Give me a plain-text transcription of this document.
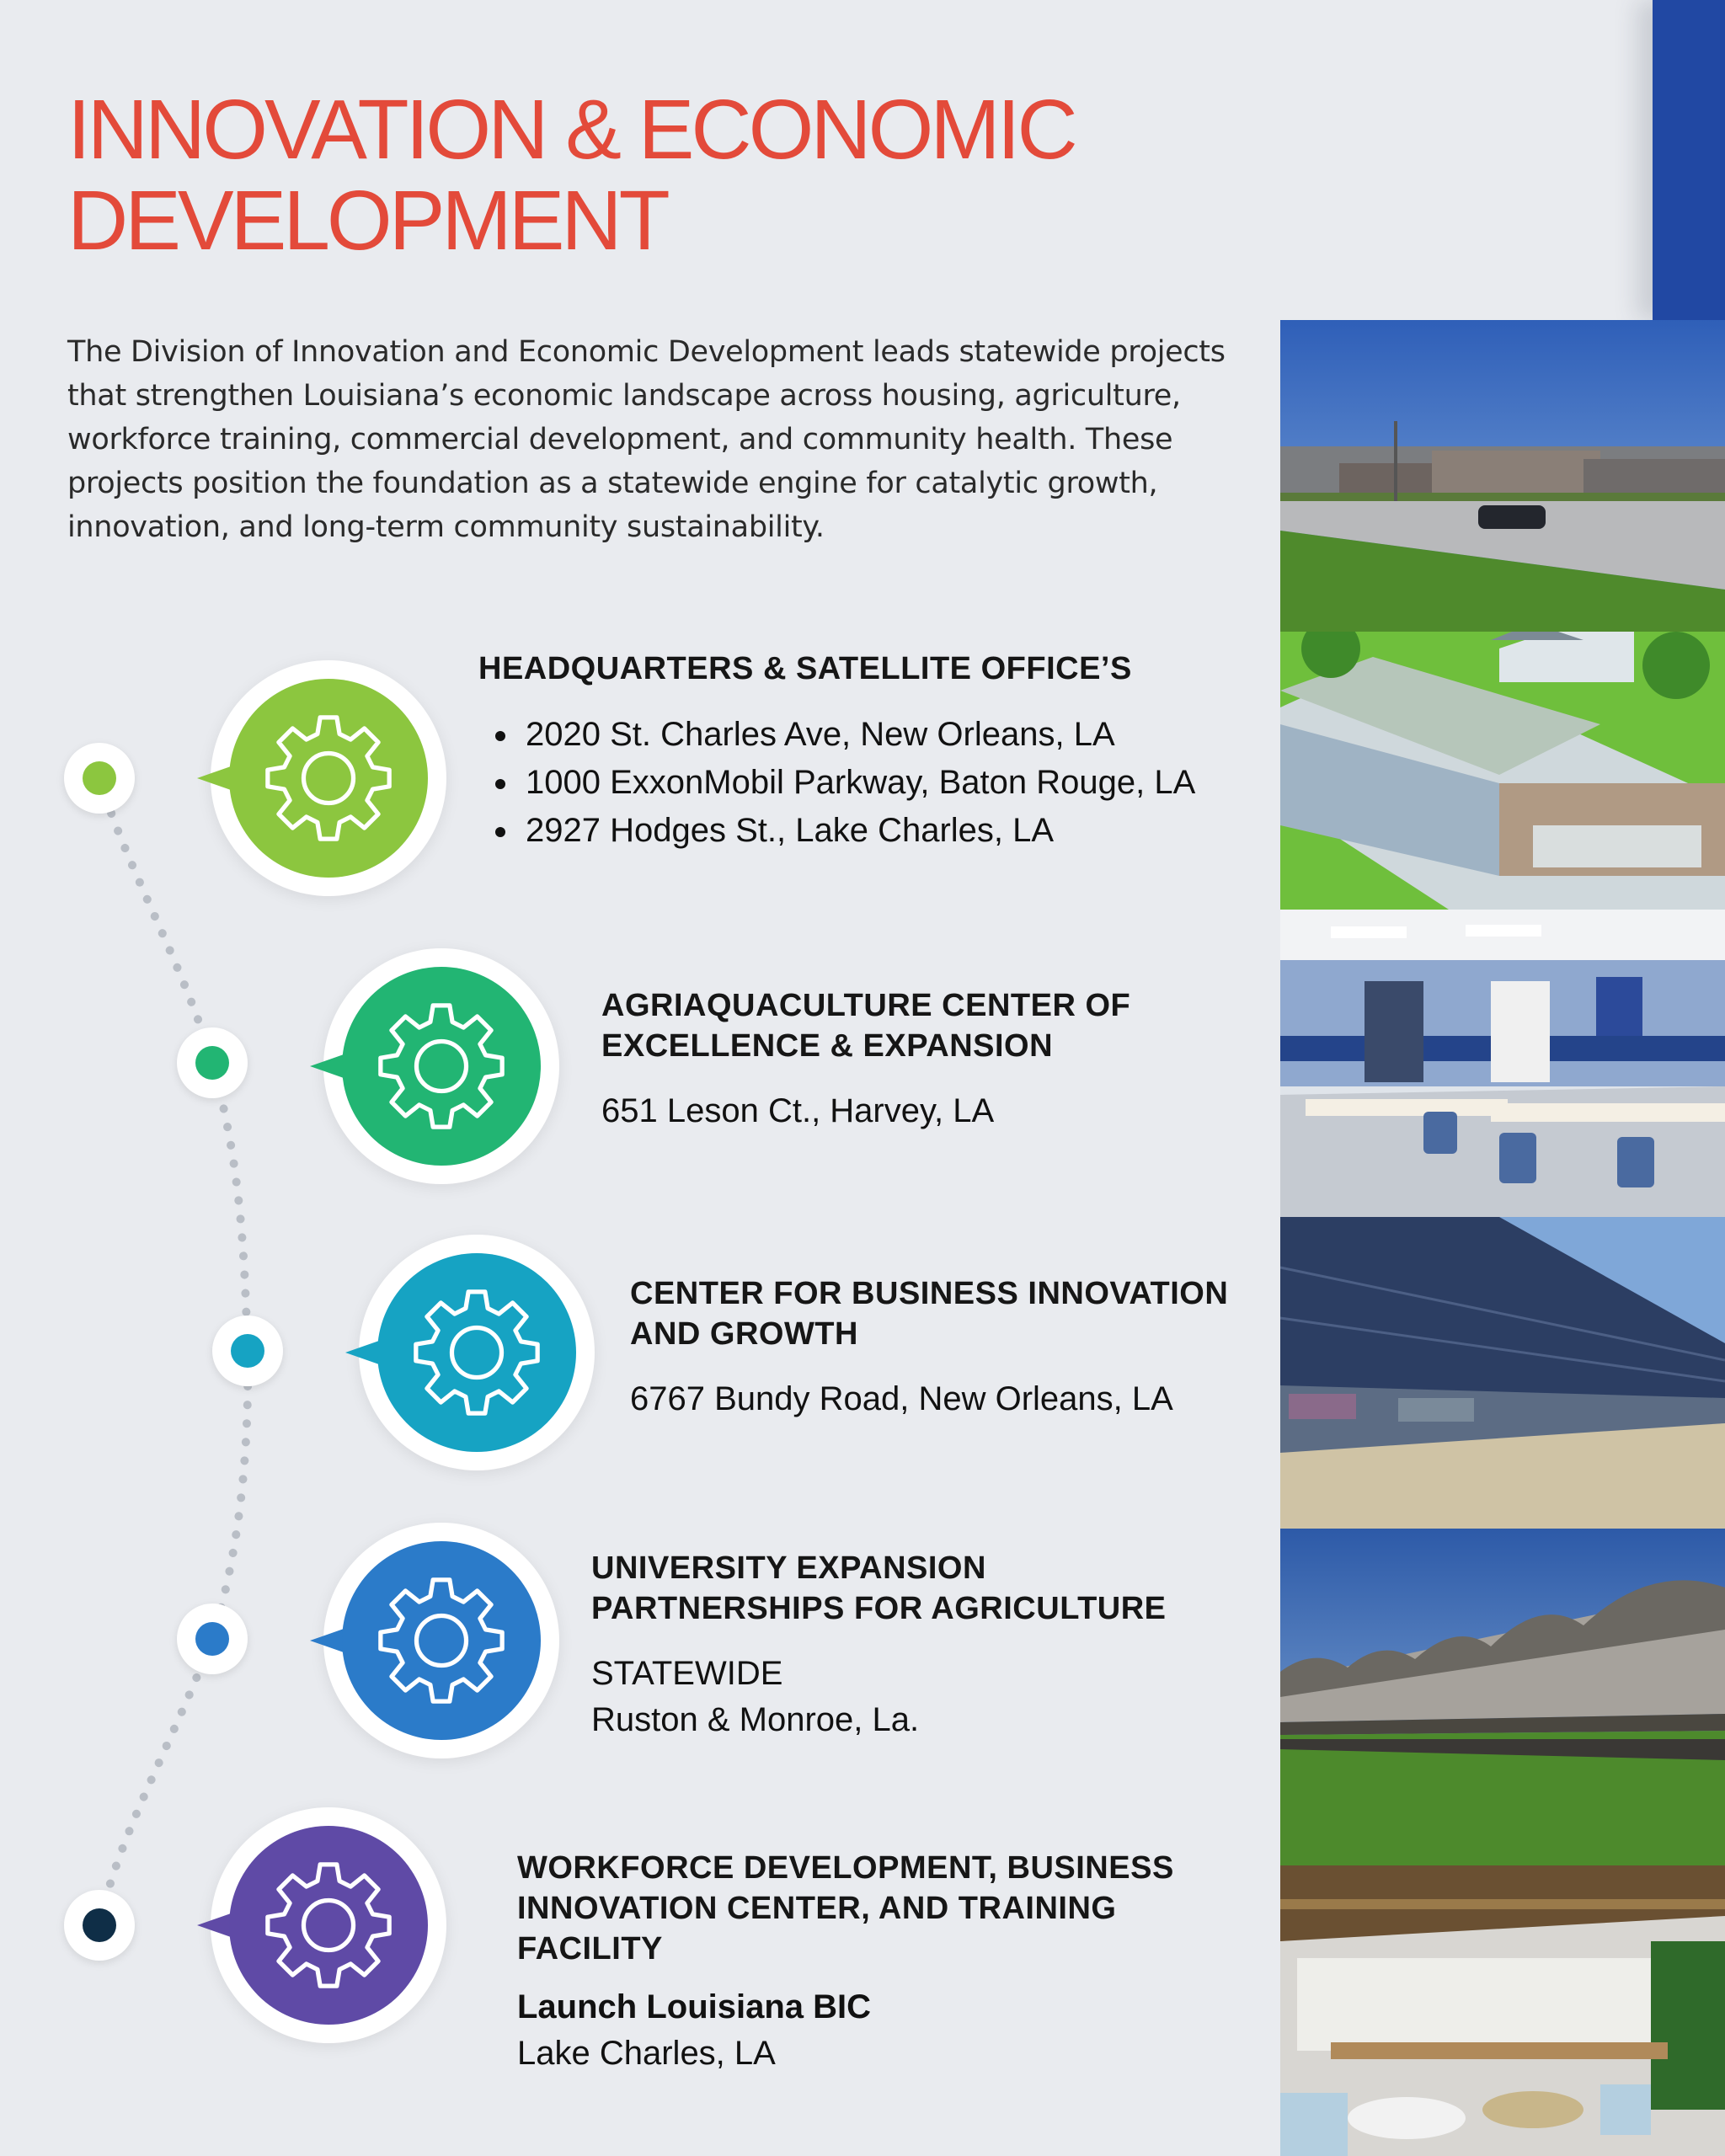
INNOVATION & ECONOMIC
DEVELOPMENT

The Division of Innovation and Economic Development leads statewide projects that strengthen Louisiana’s economic landscape across housing, agriculture, workforce training, commercial development, and community health. These projects position the foundation as a statewide engine for catalytic growth, innovation, and long-term community sustainability.

HEADQUARTERS & SATELLITE OFFICE’S
• 2020 St. Charles Ave, New Orleans, LA
• 1000 ExxonMobil Parkway, Baton Rouge, LA
• 2927 Hodges St., Lake Charles, LA
AGRIAQUACULTURE CENTER OF EXCELLENCE & EXPANSION

651 Leson Ct., Harvey, LA

CENTER FOR BUSINESS INNOVATION AND GROWTH

6767 Bundy Road, New Orleans, LA

UNIVERSITY EXPANSION PARTNERSHIPS FOR AGRICULTURE

STATEWIDE

Ruston & Monroe, La.

WORKFORCE DEVELOPMENT, BUSINESS INNOVATION CENTER, AND TRAINING FACILITY

Launch Louisiana BIC

Lake Charles, LA
